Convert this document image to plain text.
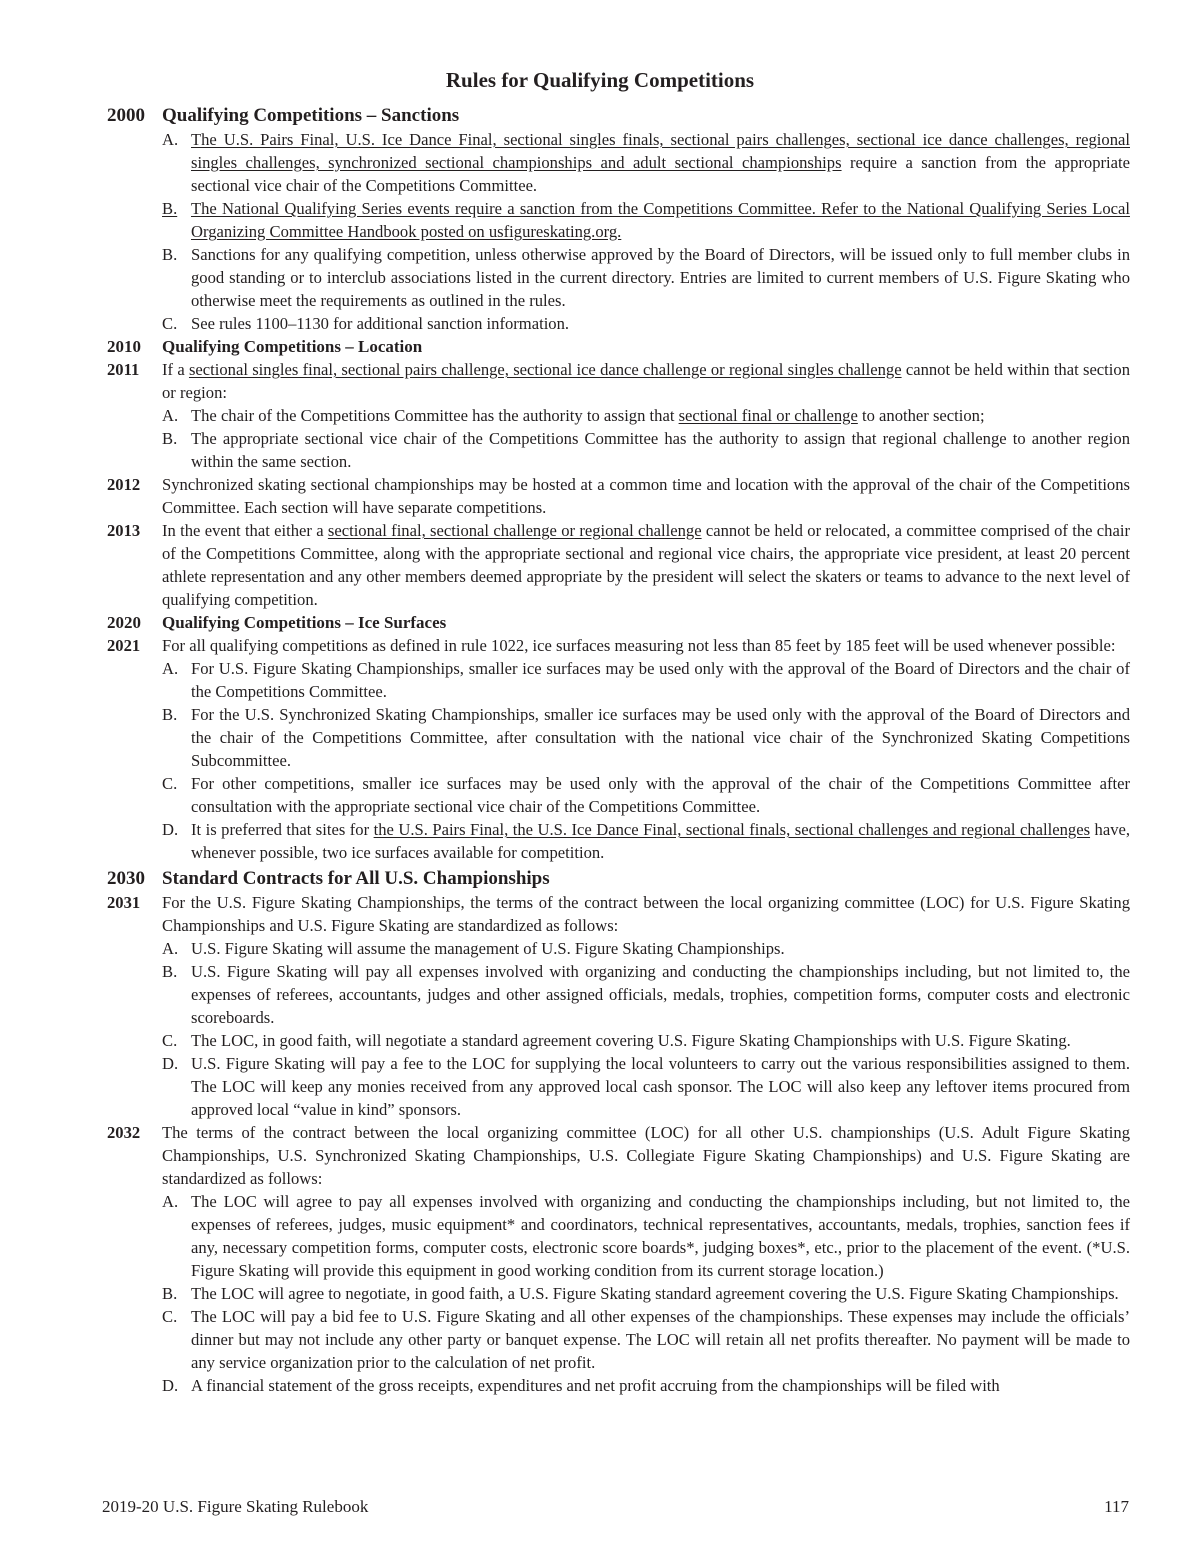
Rules for Qualifying Competitions
2000 Qualifying Competitions – Sanctions
A. The U.S. Pairs Final, U.S. Ice Dance Final, sectional singles finals, sectional pairs challenges, sectional ice dance challenges, regional singles challenges, synchronized sectional championships and adult sectional championships require a sanction from the appropriate sectional vice chair of the Competitions Committee.
B. The National Qualifying Series events require a sanction from the Competitions Committee. Refer to the National Qualifying Series Local Organizing Committee Handbook posted on usfigureskating.org.
B. Sanctions for any qualifying competition, unless otherwise approved by the Board of Directors, will be issued only to full member clubs in good standing or to interclub associations listed in the current directory. Entries are limited to current members of U.S. Figure Skating who otherwise meet the requirements as outlined in the rules.
C. See rules 1100–1130 for additional sanction information.
2010 Qualifying Competitions – Location
2011 If a sectional singles final, sectional pairs challenge, sectional ice dance challenge or regional singles challenge cannot be held within that section or region:
A. The chair of the Competitions Committee has the authority to assign that sectional final or challenge to another section;
B. The appropriate sectional vice chair of the Competitions Committee has the authority to assign that regional challenge to another region within the same section.
2012 Synchronized skating sectional championships may be hosted at a common time and location with the approval of the chair of the Competitions Committee. Each section will have separate competitions.
2013 In the event that either a sectional final, sectional challenge or regional challenge cannot be held or relocated, a committee comprised of the chair of the Competitions Committee, along with the appropriate sectional and regional vice chairs, the appropriate vice president, at least 20 percent athlete representation and any other members deemed appropriate by the president will select the skaters or teams to advance to the next level of qualifying competition.
2020 Qualifying Competitions – Ice Surfaces
2021 For all qualifying competitions as defined in rule 1022, ice surfaces measuring not less than 85 feet by 185 feet will be used whenever possible:
A. For U.S. Figure Skating Championships, smaller ice surfaces may be used only with the approval of the Board of Directors and the chair of the Competitions Committee.
B. For the U.S. Synchronized Skating Championships, smaller ice surfaces may be used only with the approval of the Board of Directors and the chair of the Competitions Committee, after consultation with the national vice chair of the Synchronized Skating Competitions Subcommittee.
C. For other competitions, smaller ice surfaces may be used only with the approval of the chair of the Competitions Committee after consultation with the appropriate sectional vice chair of the Competitions Committee.
D. It is preferred that sites for the U.S. Pairs Final, the U.S. Ice Dance Final, sectional finals, sectional challenges and regional challenges have, whenever possible, two ice surfaces available for competition.
2030 Standard Contracts for All U.S. Championships
2031 For the U.S. Figure Skating Championships, the terms of the contract between the local organizing committee (LOC) for U.S. Figure Skating Championships and U.S. Figure Skating are standardized as follows:
A. U.S. Figure Skating will assume the management of U.S. Figure Skating Championships.
B. U.S. Figure Skating will pay all expenses involved with organizing and conducting the championships including, but not limited to, the expenses of referees, accountants, judges and other assigned officials, medals, trophies, competition forms, computer costs and electronic scoreboards.
C. The LOC, in good faith, will negotiate a standard agreement covering U.S. Figure Skating Championships with U.S. Figure Skating.
D. U.S. Figure Skating will pay a fee to the LOC for supplying the local volunteers to carry out the various responsibilities assigned to them. The LOC will keep any monies received from any approved local cash sponsor. The LOC will also keep any leftover items procured from approved local “value in kind” sponsors.
2032 The terms of the contract between the local organizing committee (LOC) for all other U.S. championships (U.S. Adult Figure Skating Championships, U.S. Synchronized Skating Championships, U.S. Collegiate Figure Skating Championships) and U.S. Figure Skating are standardized as follows:
A. The LOC will agree to pay all expenses involved with organizing and conducting the championships including, but not limited to, the expenses of referees, judges, music equipment* and coordinators, technical representatives, accountants, medals, trophies, sanction fees if any, necessary competition forms, computer costs, electronic score boards*, judging boxes*, etc., prior to the placement of the event. (*U.S. Figure Skating will provide this equipment in good working condition from its current storage location.)
B. The LOC will agree to negotiate, in good faith, a U.S. Figure Skating standard agreement covering the U.S. Figure Skating Championships.
C. The LOC will pay a bid fee to U.S. Figure Skating and all other expenses of the championships. These expenses may include the officials’ dinner but may not include any other party or banquet expense. The LOC will retain all net profits thereafter. No payment will be made to any service organization prior to the calculation of net profit.
D. A financial statement of the gross receipts, expenditures and net profit accruing from the championships will be filed with
2019-20 U.S. Figure Skating Rulebook	117
